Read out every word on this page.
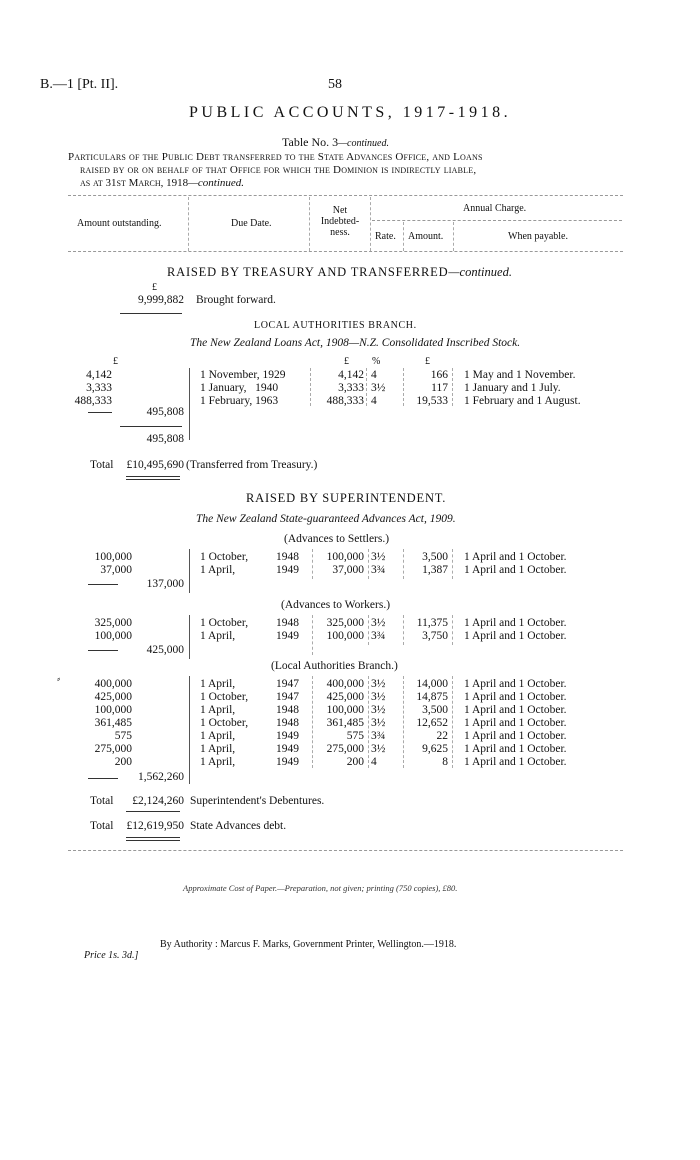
B.—1 [Pt. II].	58
PUBLIC ACCOUNTS, 1917-1918.
Table No. 3—continued.
Particulars of the Public Debt transferred to the State Advances Office, and Loans
raised by or on behalf of that Office for which the Dominion is indirectly liable,
as at 31st March, 1918—continued.
Amount outstanding.	Due Date.
Net
Indebted-
ness.
Annual Charge.
Rate. Amount.	When payable.
RAISED BY TREASURY AND TRANSFERRED—continued.
£
9,999,882 Brought forward.
LOCAL AUTHORITIES BRANCH.
The New Zealand Loans Act, 1908—N.Z. Consolidated Inscribed Stock.
£	£ %	£
4,142	1 November, 1929	4,142 4	166 1 May and 1 November.
3,333	1 January,   1940	3,333 3½	117 1 January and 1 July.
488,333	1 February, 1963	488,333 4	19,533 1 February and 1 August.
495,808
495,808
Total	£10,495,690 (Transferred from Treasury.)
RAISED BY SUPERINTENDENT.
The New Zealand State-guaranteed Advances Act, 1909.
(Advances to Settlers.)
100,000	1 October, 1948	100,000 3½	3,500 1 April and 1 October.
37,000	1 April,	1949	37,000 3¾	1,387 1 April and 1 October.
137,000
(Advances to Workers.)
325,000	1 October, 1948	325,000 3½	11,375 1 April and 1 October.
100,000	1 April,	1949	100,000 3¾	3,750 1 April and 1 October.
425,000
(Local Authorities Branch.)
⸗	400,000	1 April,	1947	400,000 3½	14,000 1 April and 1 October.
425,000	1 October, 1947	425,000 3½	14,875 1 April and 1 October.
100,000	1 April,	1948	100,000 3½	3,500 1 April and 1 October.
361,485	1 October, 1948	361,485 3½	12,652 1 April and 1 October.
575	1 April,	1949	575 3¾	22 1 April and 1 October.
275,000	1 April,	1949	275,000 3½	9,625 1 April and 1 October.
200	1 April,	1949	200 4	8 1 April and 1 October.
1,562,260
Total	£2,124,260 Superintendent's Debentures.
Total	£12,619,950 State Advances debt.
Approximate Cost of Paper.—Preparation, not given; printing (750 copies), £80.
By Authority : Marcus F. Marks, Government Printer, Wellington.—1918.
Price 1s. 3d.]
